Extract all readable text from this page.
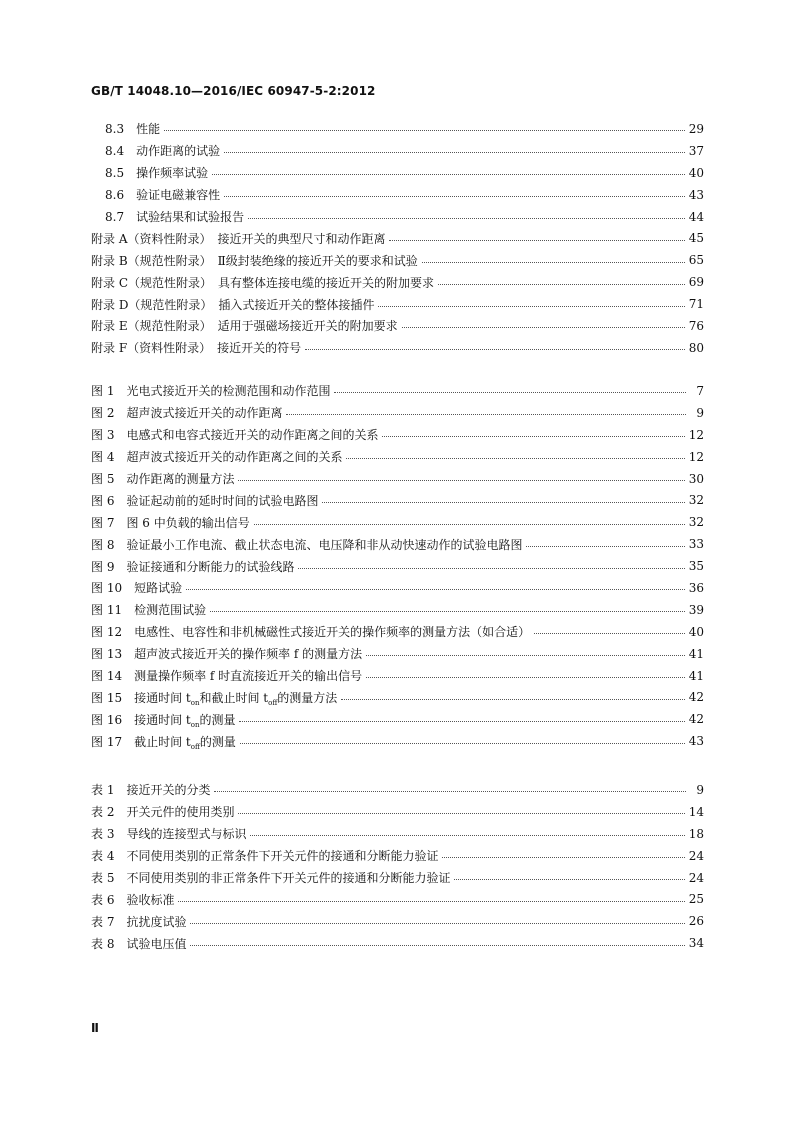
GB/T 14048.10—2016/IEC 60947-5-2:2012
8.3　性能	29
8.4　动作距离的试验	37
8.5　操作频率试验	40
8.6　验证电磁兼容性	43
8.7　试验结果和试验报告	44
附录 A（资料性附录）　接近开关的典型尺寸和动作距离	45
附录 B（规范性附录）　Ⅱ级封装绝缘的接近开关的要求和试验	65
附录 C（规范性附录）　具有整体连接电缆的接近开关的附加要求	69
附录 D（规范性附录）　插入式接近开关的整体接插件	71
附录 E（规范性附录）　适用于强磁场接近开关的附加要求	76
附录 F（资料性附录）　接近开关的符号	80
图 1　光电式接近开关的检测范围和动作范围	7
图 2　超声波式接近开关的动作距离	9
图 3　电感式和电容式接近开关的动作距离之间的关系	12
图 4　超声波式接近开关的动作距离之间的关系	12
图 5　动作距离的测量方法	30
图 6　验证起动前的延时时间的试验电路图	32
图 7　图 6 中负载的输出信号	32
图 8　验证最小工作电流、截止状态电流、电压降和非从动快速动作的试验电路图	33
图 9　验证接通和分断能力的试验线路	35
图 10　短路试验	36
图 11　检测范围试验	39
图 12　电感性、电容性和非机械磁性式接近开关的操作频率的测量方法（如合适）	40
图 13　超声波式接近开关的操作频率 f 的测量方法	41
图 14　测量操作频率 f 时直流接近开关的输出信号	41
图 15　接通时间 ton和截止时间 toff的测量方法	42
图 16　接通时间 ton的测量	42
图 17　截止时间 toff的测量	43
表 1　接近开关的分类	9
表 2　开关元件的使用类别	14
表 3　导线的连接型式与标识	18
表 4　不同使用类别的正常条件下开关元件的接通和分断能力验证	24
表 5　不同使用类别的非正常条件下开关元件的接通和分断能力验证	24
表 6　验收标准	25
表 7　抗扰度试验	26
表 8　试验电压值	34
Ⅱ
